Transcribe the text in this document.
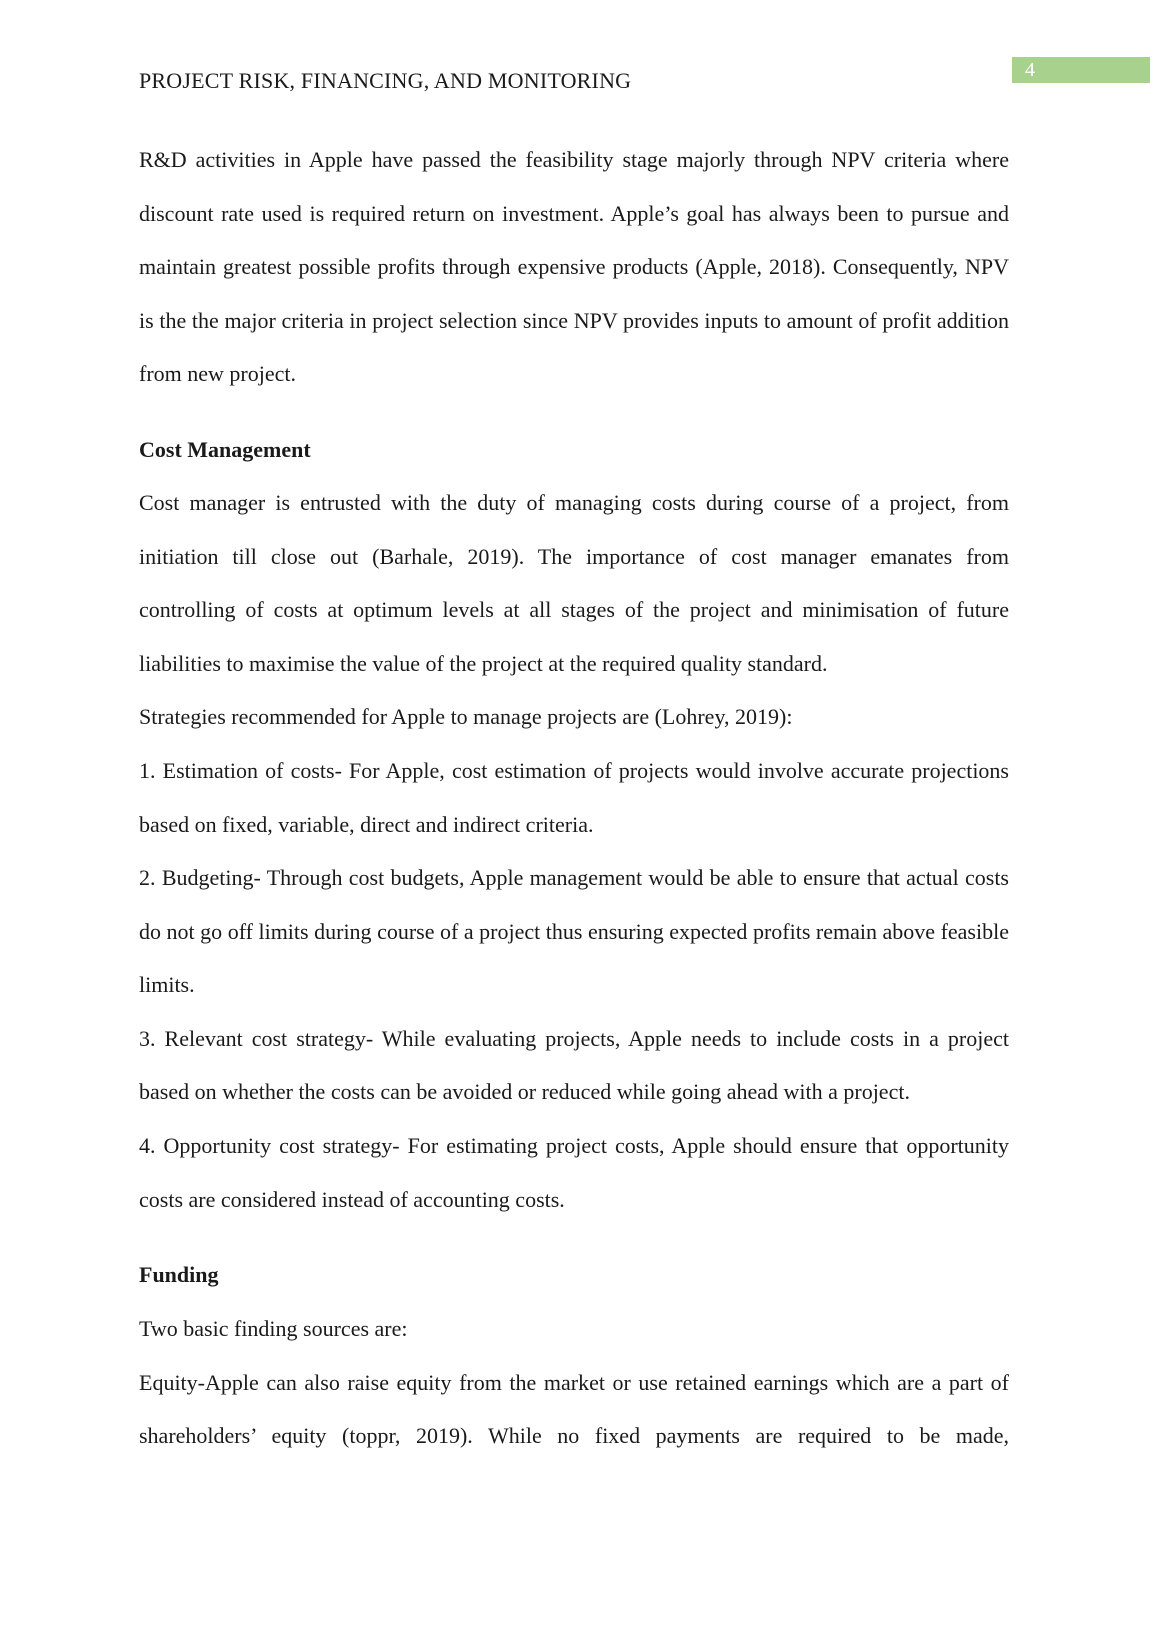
4
PROJECT RISK, FINANCING, AND MONITORING

R&D activities in Apple have passed the feasibility stage majorly through NPV criteria where discount rate used is required return on investment. Apple’s goal has always been to pursue and maintain greatest possible profits through expensive products (Apple, 2018). Consequently, NPV is the the major criteria in project selection since NPV provides inputs to amount of profit addition from new project.

Cost Management

Cost manager is entrusted with the duty of managing costs during course of a project, from initiation till close out (Barhale, 2019). The importance of cost manager emanates from controlling of costs at optimum levels at all stages of the project and minimisation of future liabilities to maximise the value of the project at the required quality standard.

Strategies recommended for Apple to manage projects are (Lohrey, 2019):

1. Estimation of costs- For Apple, cost estimation of projects would involve accurate projections based on fixed, variable, direct and indirect criteria.

2. Budgeting- Through cost budgets, Apple management would be able to ensure that actual costs do not go off limits during course of a project thus ensuring expected profits remain above feasible limits.

3. Relevant cost strategy- While evaluating projects, Apple needs to include costs in a project based on whether the costs can be avoided or reduced while going ahead with a project.

4. Opportunity cost strategy- For estimating project costs, Apple should ensure that opportunity costs are considered instead of accounting costs.

Funding

Two basic finding sources are:

Equity-Apple can also raise equity from the market or use retained earnings which are a part of shareholders’ equity (toppr, 2019). While no fixed payments are required to be made,
